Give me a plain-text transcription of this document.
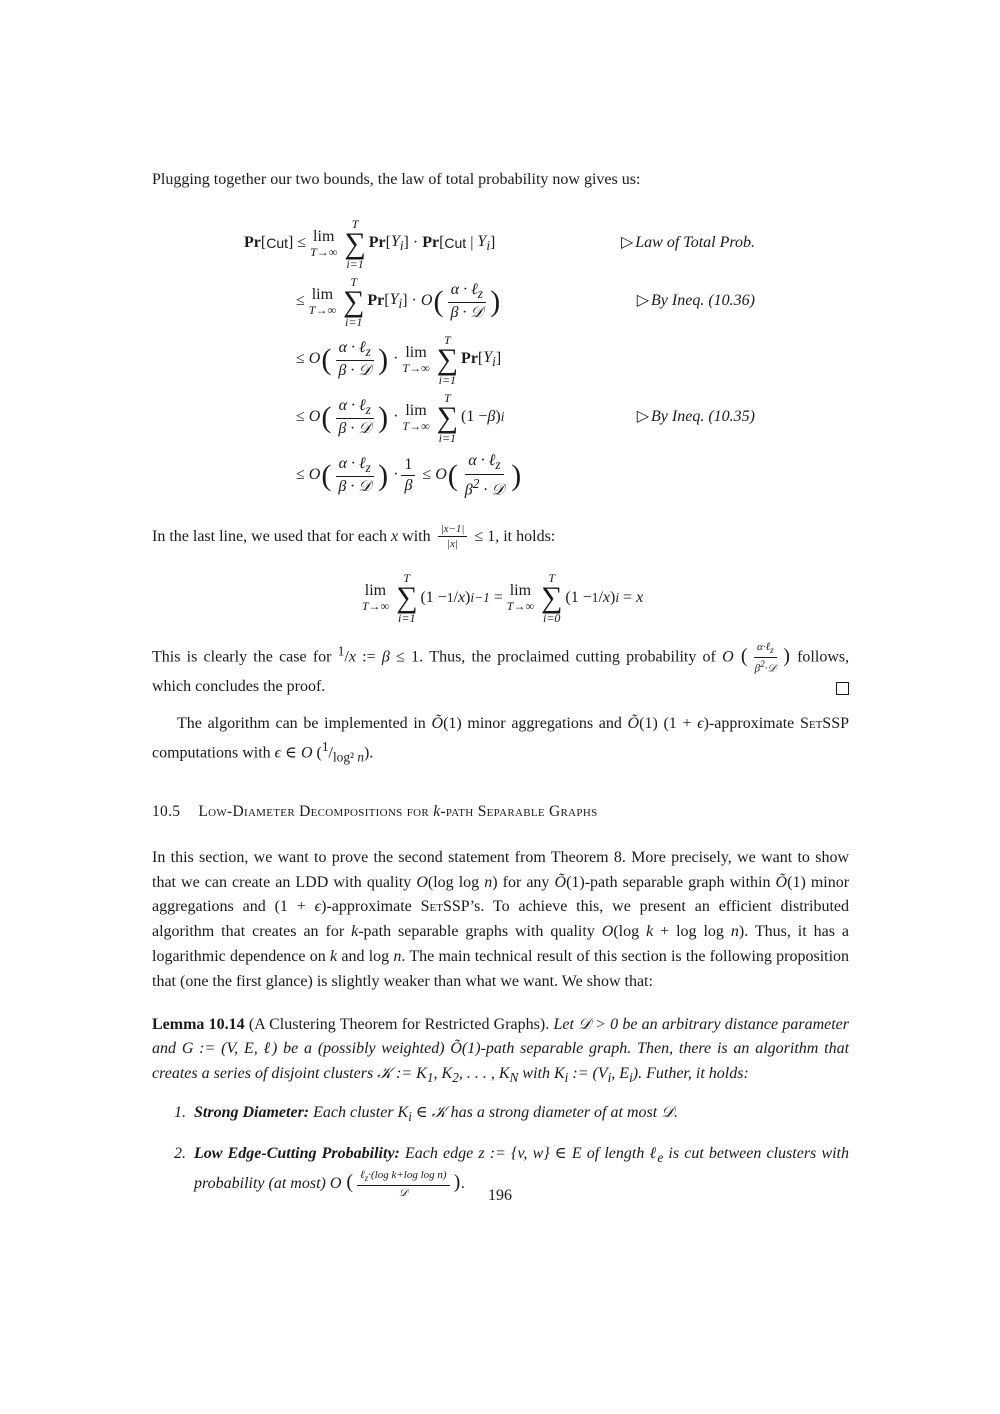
Plugging together our two bounds, the law of total probability now gives us:

Pr [ Cut ] ≤ lim
T→∞
T
∑
i=1
Pr [ $Y_i$ ] · Pr [ Cut | $Y_i$ ]	▷ Law of Total Prob.
≤ lim
T→∞
T
∑
i=1
Pr [ $Y_i$ ] · O ( $\frac{\alpha \cdot \ell_z}{\text{β · 𝒟}}$ )	▷ By Ineq. (10.36)
≤ O ( $\frac{\alpha \cdot \ell_z}{\text{β · 𝒟}}$ ) · lim
T→∞
T
∑
i=1
Pr [ $Y_i$ ]
≤ O ( $\frac{\alpha \cdot \ell_z}{\text{β · 𝒟}}$ ) · lim
T→∞
T
∑
i=1
(1 − β ) i	▷ By Ineq. (10.35)
≤ O ( $\frac{\alpha \cdot \ell_z}{\text{β · 𝒟}}$ ) · $\frac{1}{\beta} \le O$ ( $\frac{\alpha \cdot \ell_z}{\beta^2 \cdot 𝒟}$ )

In the last line, we used that for each x with $\frac{|x-1|}{|x|} \le 1$, it holds:

lim
T→∞
T
∑
i=1
(1 − 1 / x ) i−1 = lim
T→∞
T
∑
i=0
(1 − 1 / x ) i = x

This is clearly the case for $^1$/x := β ≤ 1. Thus, the proclaimed cutting probability of O ( $\frac{\alpha\cdot\ell_z}{\beta^2\cdot 𝒟}$ ) follows, which concludes the proof.

The algorithm can be implemented in Õ(1) minor aggregations and Õ(1) (1 + ϵ)-approximate SetSSP computations with ϵ ∈ O $(^1/_{log^2 n})$.

10.5 Low-Diameter Decompositions for k-path Separable Graphs

In this section, we want to prove the second statement from Theorem 8. More precisely, we want to show that we can create an LDD with quality O(log log n) for any Õ(1)-path separable graph within Õ(1) minor aggregations and (1 + ϵ)-approximate SetSSP’s. To achieve this, we present an efficient distributed algorithm that creates an for k-path separable graphs with quality O(log k + log log n). Thus, it has a logarithmic dependence on k and log n. The main technical result of this section is the following proposition that (one the first glance) is slightly weaker than what we want. We show that:

Lemma 10.14 (A Clustering Theorem for Restricted Graphs). Let 𝒟 > 0 be an arbitrary distance parameter and G := (V, E, ℓ) be a (possibly weighted) Õ(1)-path separable graph. Then, there is an algorithm that creates a series of disjoint clusters 𝒦 := $K_1$, $K_2$, . . . , $K_N$ with $K_i$ := ($V_i$, $E_i$). Futher, it holds:

1. Strong Diameter: Each cluster $K_i$ ∈ 𝒦 has a strong diameter of at most 𝒟.
2. Low Edge-Cutting Probability: Each edge z := {v, w} ∈ E of length ℓ$_e$ is cut between clusters with probability (at most) O ( $\frac{\ell_z\cdot(\log k+\log \log n)}{\text{𝒟}}$ ).
196
